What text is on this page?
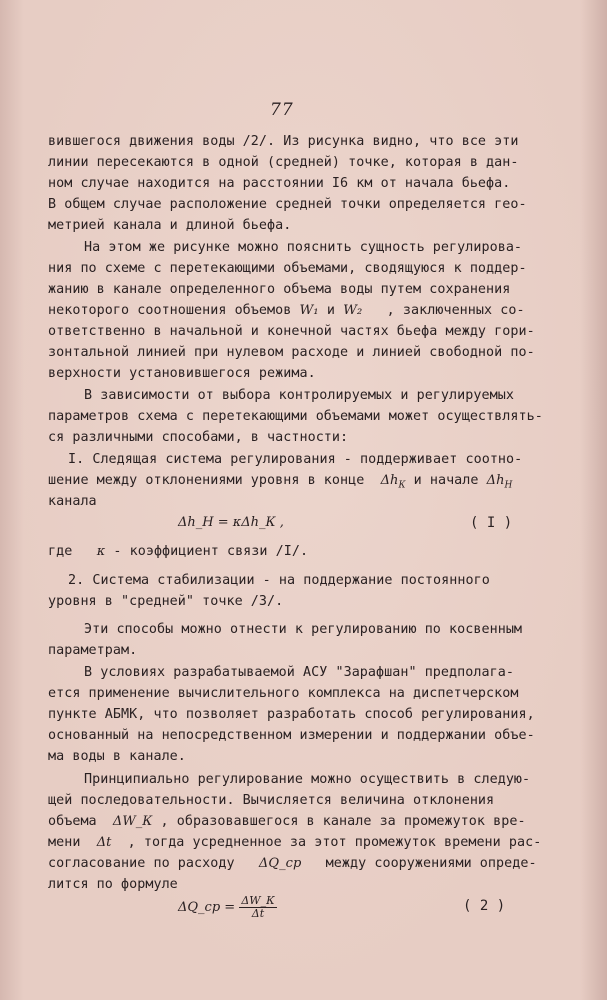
77
вившегося движения воды /2/. Из рисунка видно, что все эти
линии пересекаются в одной (средней) точке, которая в дан-
ном случае находится на расстоянии I6 км от начала бьефа.
В общем случае расположение средней точки определяется гео-
метрией канала и длиной бьефа.
На этом же рисунке можно пояснить сущность регулирова-
ния по схеме с перетекающими объемами, сводящуюся к поддер-
жанию в канале определенного объема воды путем сохранения
некоторого соотношения объемов W₁ и W₂ , заключенных со-
ответственно в начальной и конечной частях бьефа между гори-
зонтальной линией при нулевом расходе и линией свободной по-
верхности установившегося режима.
В зависимости от выбора контролируемых и регулируемых
параметров схема с перетекающими объемами может осуществлять-
ся различными способами, в частности:
I. Следящая система регулирования - поддерживает соотно-
шение между отклонениями уровня в конце $\Delta h_К$ и начале $\Delta h_Н$
канала
Δh_Н = κΔh_К ,	( I )
где κ - коэффициент связи /I/.
2. Система стабилизации - на поддержание постоянного
уровня в "средней" точке /3/.
Эти способы можно отнести к регулированию по косвенным
параметрам.
В условиях разрабатываемой АСУ "Зарафшан" предполага-
ется применение вычислительного комплекса на диспетчерском
пункте АБМК, что позволяет разработать способ регулирования,
основанный на непосредственном измерении и поддержании объе-
ма воды в канале.
Принципиально регулирование можно осуществить в следую-
щей последовательности. Вычисляется величина отклонения
объема ΔW_К , образовавшегося в канале за промежуток вре-
мени Δt , тогда усредненное за этот промежуток времени рас-
согласование по расходу ΔQ_ср между сооружениями опреде-
лится по формуле
ΔQ_ср = $\frac{\Delta W\_К}{\Delta t}$	( 2 )
